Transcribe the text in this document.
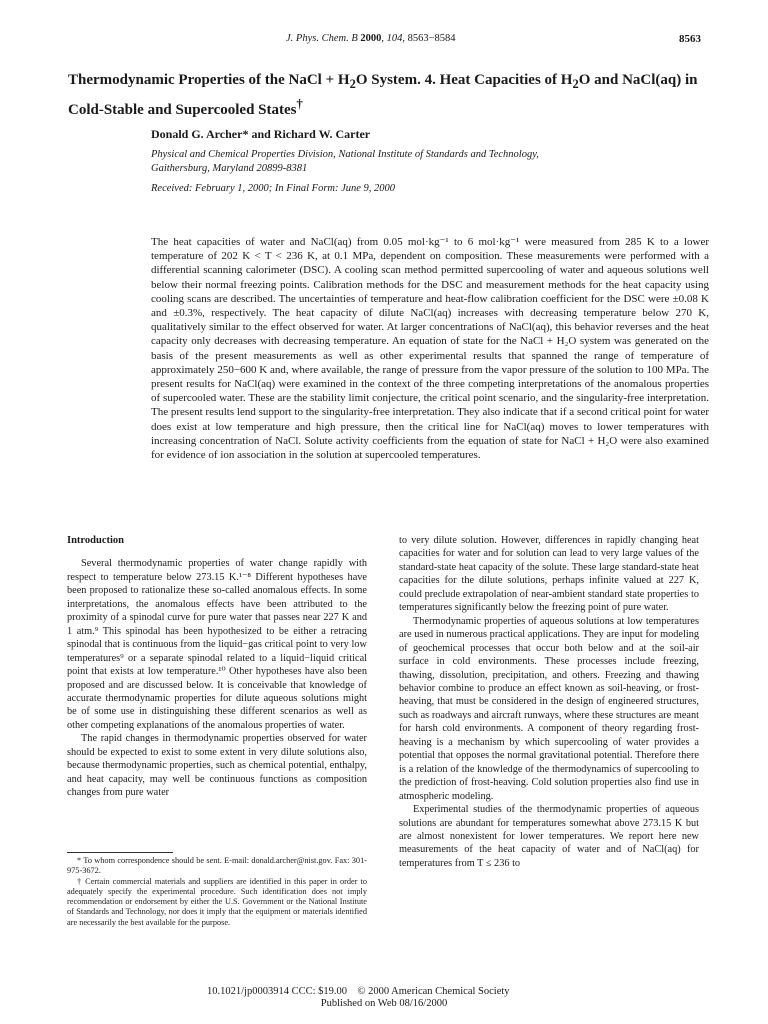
J. Phys. Chem. B 2000, 104, 8563−8584	8563
Thermodynamic Properties of the NaCl + $H_2O$ System. 4. Heat Capacities of $H_2O$ and NaCl(aq) in Cold-Stable and Supercooled States†
Donald G. Archer* and Richard W. Carter
Physical and Chemical Properties Division, National Institute of Standards and Technology,
Gaithersburg, Maryland 20899-8381
Received: February 1, 2000; In Final Form: June 9, 2000
The heat capacities of water and NaCl(aq) from 0.05 mol·kg⁻¹ to 6 mol·kg⁻¹ were measured from 285 K to a lower temperature of 202 K < T < 236 K, at 0.1 MPa, dependent on composition. These measurements were performed with a differential scanning calorimeter (DSC). A cooling scan method permitted supercooling of water and aqueous solutions well below their normal freezing points. Calibration methods for the DSC and measurement methods for the heat capacity using cooling scans are described. The uncertainties of temperature and heat-flow calibration coefficient for the DSC were ±0.08 K and ±0.3%, respectively. The heat capacity of dilute NaCl(aq) increases with decreasing temperature below 270 K, qualitatively similar to the effect observed for water. At larger concentrations of NaCl(aq), this behavior reverses and the heat capacity only decreases with decreasing temperature. An equation of state for the NaCl + H₂O system was generated on the basis of the present measurements as well as other experimental results that spanned the range of temperature of approximately 250−600 K and, where available, the range of pressure from the vapor pressure of the solution to 100 MPa. The present results for NaCl(aq) were examined in the context of the three competing interpretations of the anomalous properties of supercooled water. These are the stability limit conjecture, the critical point scenario, and the singularity-free interpretation. The present results lend support to the singularity-free interpretation. They also indicate that if a second critical point for water does exist at low temperature and high pressure, then the critical line for NaCl(aq) moves to lower temperatures with increasing concentration of NaCl. Solute activity coefficients from the equation of state for NaCl + H₂O were also examined for evidence of ion association in the solution at supercooled temperatures.
Introduction

Several thermodynamic properties of water change rapidly with respect to temperature below 273.15 K.¹⁻⁸ Different hypotheses have been proposed to rationalize these so-called anomalous effects. In some interpretations, the anomalous effects have been attributed to the proximity of a spinodal curve for pure water that passes near 227 K and 1 atm.⁹ This spinodal has been hypothesized to be either a retracing spinodal that is continuous from the liquid−gas critical point to very low temperatures⁹ or a separate spinodal related to a liquid−liquid critical point that exists at low temperature.¹⁰ Other hypotheses have also been proposed and are discussed below. It is conceivable that knowledge of accurate thermodynamic properties for dilute aqueous solutions might be of some use in distinguishing these different scenarios as well as other competing explanations of the anomalous properties of water.

The rapid changes in thermodynamic properties observed for water should be expected to exist to some extent in very dilute solutions also, because thermodynamic properties, such as chemical potential, enthalpy, and heat capacity, may well be continuous functions as composition changes from pure water

* To whom correspondence should be sent. E-mail: donald.archer@nist.gov. Fax: 301-975-3672.

† Certain commercial materials and suppliers are identified in this paper in order to adequately specify the experimental procedure. Such identification does not imply recommendation or endorsement by either the U.S. Government or the National Institute of Standards and Technology, nor does it imply that the equipment or materials identified are necessarily the best available for the purpose.

to very dilute solution. However, differences in rapidly changing heat capacities for water and for solution can lead to very large values of the standard-state heat capacity of the solute. These large standard-state heat capacities for the dilute solutions, perhaps infinite valued at 227 K, could preclude extrapolation of near-ambient standard state properties to temperatures significantly below the freezing point of pure water.

Thermodynamic properties of aqueous solutions at low temperatures are used in numerous practical applications. They are input for modeling of geochemical processes that occur both below and at the soil-air surface in cold environments. These processes include freezing, thawing, dissolution, precipitation, and others. Freezing and thawing behavior combine to produce an effect known as soil-heaving, or frost-heaving, that must be considered in the design of engineered structures, such as roadways and aircraft runways, where these structures are meant for harsh cold environments. A component of theory regarding frost-heaving is a mechanism by which supercooling of water provides a potential that opposes the normal gravitational potential. Therefore there is a relation of the knowledge of the thermodynamics of supercooling to the prediction of frost-heaving. Cold solution properties also find use in atmospheric modeling.

Experimental studies of the thermodynamic properties of aqueous solutions are abundant for temperatures somewhat above 273.15 K but are almost nonexistent for lower temperatures. We report here new measurements of the heat capacity of water and of NaCl(aq) for temperatures from T ≤ 236 to

10.1021/jp0003914 CCC: $19.00 © 2000 American Chemical Society
Published on Web 08/16/2000
